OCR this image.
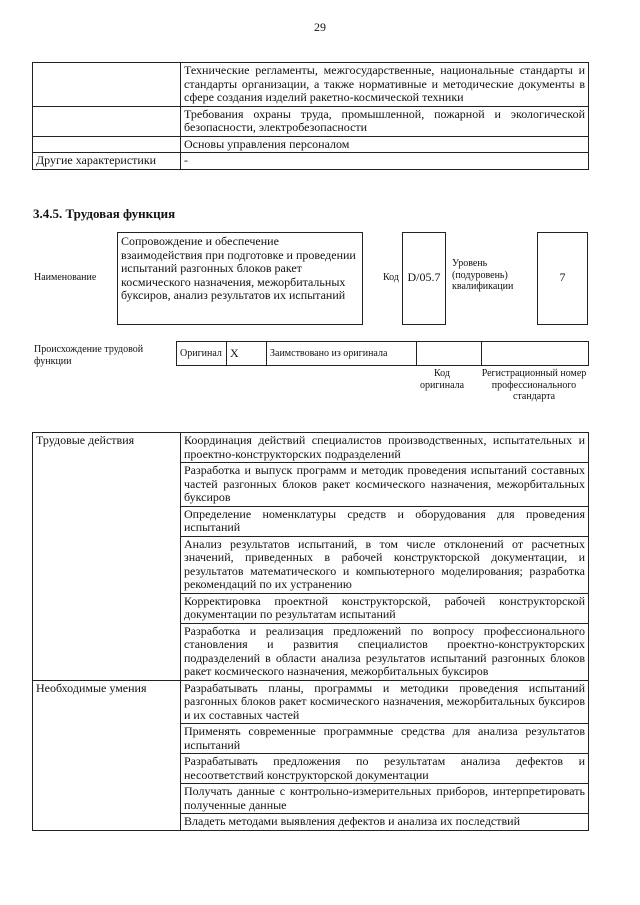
29
	Технические регламенты, межгосударственные, национальные стандарты и стандарты организации, а также нормативные и методические документы в сфере создания изделий ракетно-космической техники
	Требования охраны труда, промышленной, пожарной и экологической безопасности, электробезопасности
	Основы управления персоналом
Другие характеристики	-
3.4.5. Трудовая функция
Наименование
Сопровождение и обеспечение взаимодействия при подготовке и проведении испытаний разгонных блоков ракет космического назначения, межорбитальных буксиров, анализ результатов их испытаний
Код D/05.7
Уровень (подуровень) квалификации
7
Происхождение трудовой функции
Оригинал	X	Заимствовано из оригинала		
Код оригинала
Регистрационный номер профессионального стандарта
Трудовые действия	Координация действий специалистов производственных, испытательных и проектно-конструкторских подразделений
	Разработка и выпуск программ и методик проведения испытаний составных частей разгонных блоков ракет космического назначения, межорбитальных буксиров
	Определение номенклатуры средств и оборудования для проведения испытаний
	Анализ результатов испытаний, в том числе отклонений от расчетных значений, приведенных в рабочей конструкторской документации, и результатов математического и компьютерного моделирования; разработка рекомендаций по их устранению
	Корректировка проектной конструкторской, рабочей конструкторской документации по результатам испытаний
	Разработка и реализация предложений по вопросу профессионального становления и развития специалистов проектно-конструкторских подразделений в области анализа результатов испытаний разгонных блоков ракет космического назначения, межорбитальных буксиров
Необходимые умения	Разрабатывать планы, программы и методики проведения испытаний разгонных блоков ракет космического назначения, межорбитальных буксиров и их составных частей
	Применять современные программные средства для анализа результатов испытаний
	Разрабатывать предложения по результатам анализа дефектов и несоответствий конструкторской документации
	Получать данные с контрольно-измерительных приборов, интерпретировать полученные данные
	Владеть методами выявления дефектов и анализа их последствий
